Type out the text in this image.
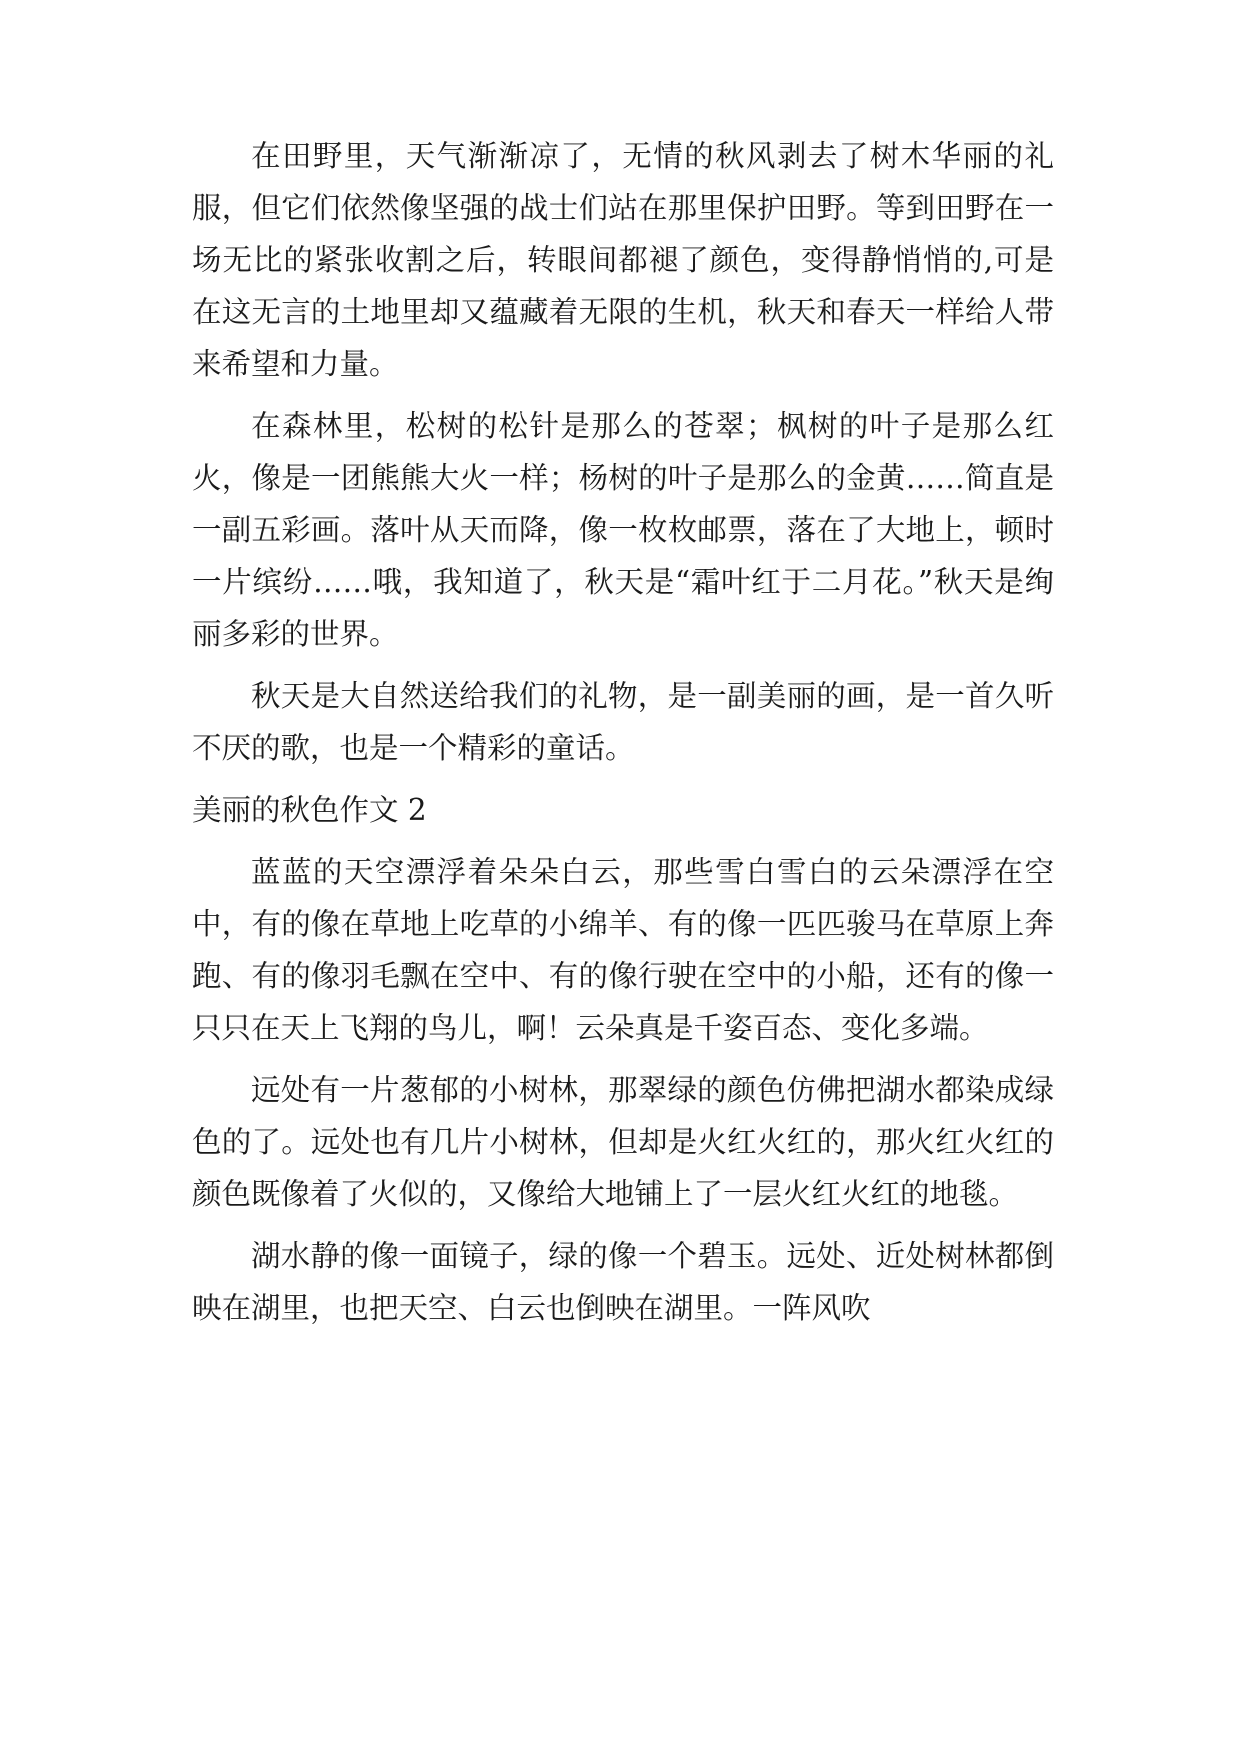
在田野里，天气渐渐凉了，无情的秋风剥去了树木华丽的礼服，但它们依然像坚强的战士们站在那里保护田野。等到田野在一场无比的紧张收割之后，转眼间都褪了颜色，变得静悄悄的,可是在这无言的土地里却又蕴藏着无限的生机，秋天和春天一样给人带来希望和力量。

在森林里，松树的松针是那么的苍翠；枫树的叶子是那么红火，像是一团熊熊大火一样；杨树的叶子是那么的金黄……简直是一副五彩画。落叶从天而降，像一枚枚邮票，落在了大地上，顿时一片缤纷……哦，我知道了，秋天是“霜叶红于二月花。”秋天是绚丽多彩的世界。

秋天是大自然送给我们的礼物，是一副美丽的画，是一首久听不厌的歌，也是一个精彩的童话。

美丽的秋色作文 2

蓝蓝的天空漂浮着朵朵白云，那些雪白雪白的云朵漂浮在空中，有的像在草地上吃草的小绵羊、有的像一匹匹骏马在草原上奔跑、有的像羽毛飘在空中、有的像行驶在空中的小船，还有的像一只只在天上飞翔的鸟儿，啊！云朵真是千姿百态、变化多端。

远处有一片葱郁的小树林，那翠绿的颜色仿佛把湖水都染成绿色的了。远处也有几片小树林，但却是火红火红的，那火红火红的颜色既像着了火似的，又像给大地铺上了一层火红火红的地毯。

湖水静的像一面镜子，绿的像一个碧玉。远处、近处树林都倒映在湖里，也把天空、白云也倒映在湖里。一阵风吹
